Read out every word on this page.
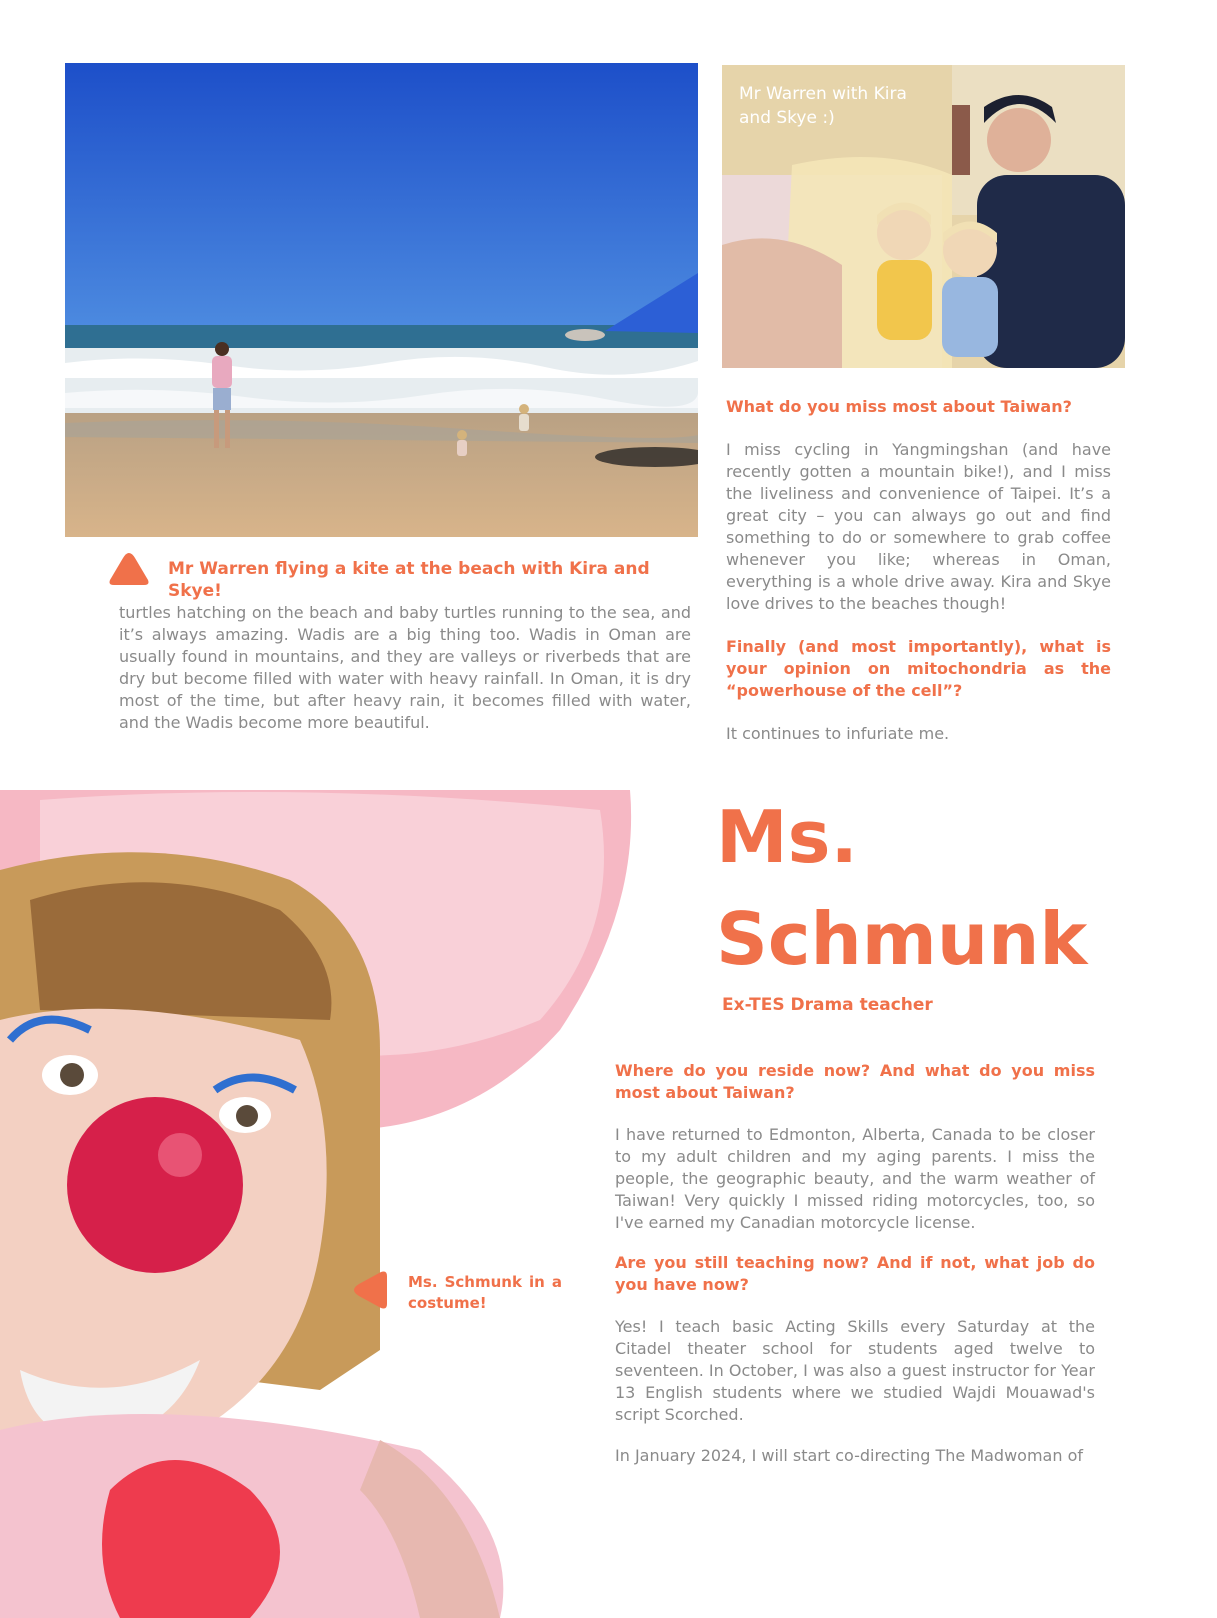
Mr Warren with Kira and Skye :)
Mr Warren flying a kite at the beach with Kira and Skye!
turtles hatching on the beach and baby turtles running to the sea, and it’s always amazing. Wadis are a big thing too. Wadis in Oman are usually found in mountains, and they are valleys or riverbeds that are dry but become filled with water with heavy rainfall. In Oman, it is dry most of the time, but after heavy rain, it becomes filled with water, and the Wadis become more beautiful.
What do you miss most about Taiwan?
I miss cycling in Yangmingshan (and have recently gotten a mountain bike!), and I miss the liveliness and convenience of Taipei. It’s a great city – you can always go out and find something to do or somewhere to grab coffee whenever you like; whereas in Oman, everything is a whole drive away. Kira and Skye love drives to the beaches though!
Finally (and most importantly), what is your opinion on mitochondria as the “powerhouse of the cell”?
It continues to infuriate me.
Ms. Schmunk in a costume!
Ms.
Schmunk
Ex-TES Drama teacher
Where do you reside now? And what do you miss most about Taiwan?
I have returned to Edmonton, Alberta, Canada to be closer to my adult children and my aging parents. I miss the people, the geographic beauty, and the warm weather of Taiwan! Very quickly I missed riding motorcycles, too, so I've earned my Canadian motorcycle license.
Are you still teaching now? And if not, what job do you have now?
Yes! I teach basic Acting Skills every Saturday at the Citadel theater school for students aged twelve to seventeen. In October, I was also a guest instructor for Year 13 English students where we studied Wajdi Mouawad's script Scorched.
In January 2024, I will start co-directing The Madwoman of
